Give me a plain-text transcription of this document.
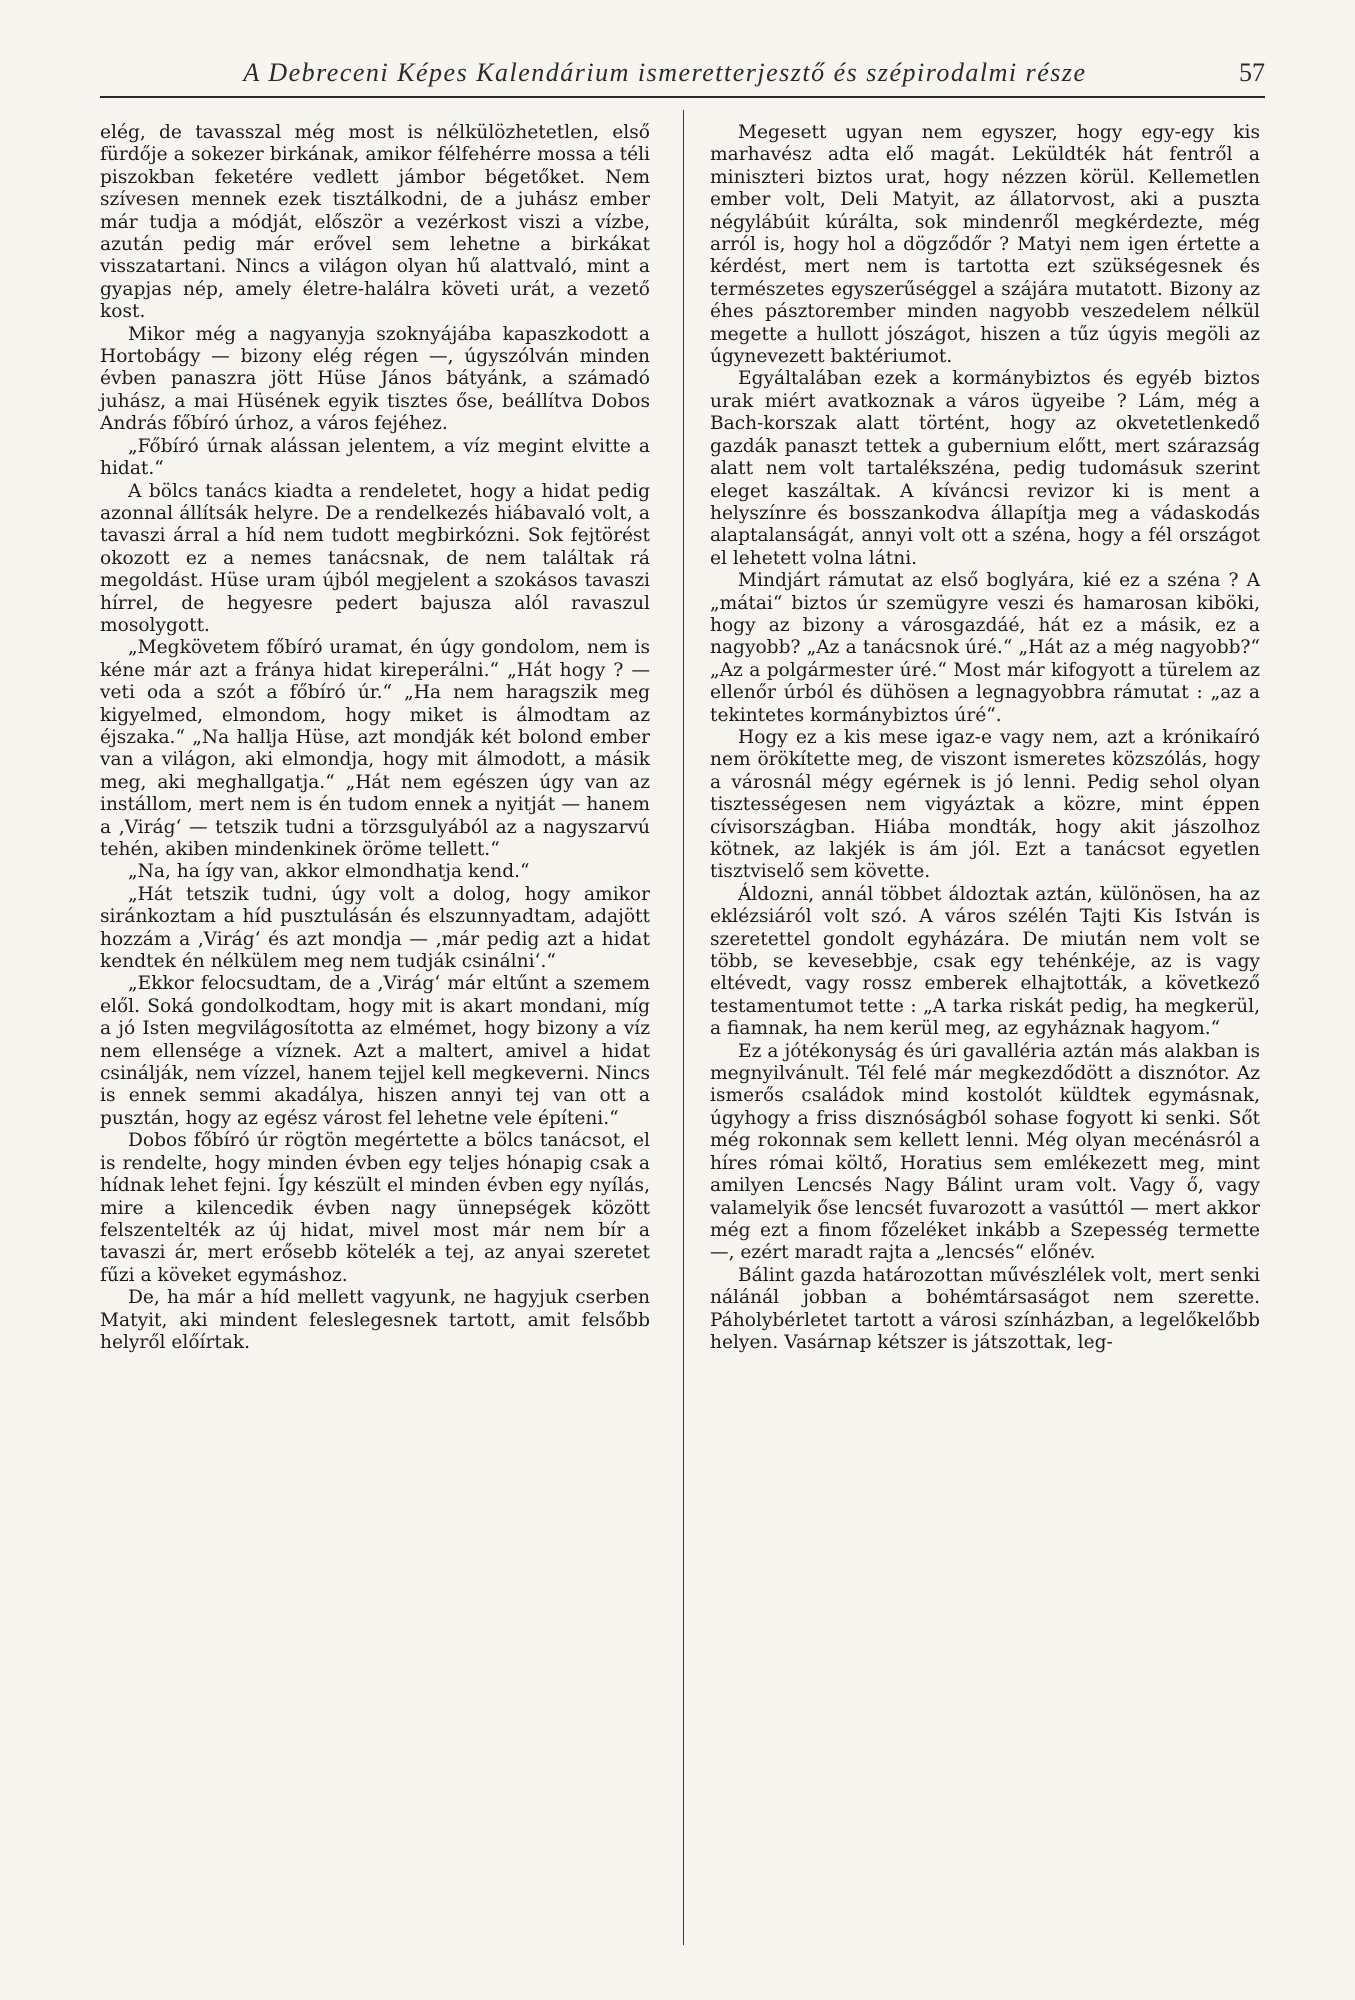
A Debreceni Képes Kalendárium ismeretterjesztő és szépirodalmi része	57

elég, de tavasszal még most is nélkülözhetetlen, első fürdője a sokezer birkának, amikor félfehérre mossa a téli piszokban feketére vedlett jámbor bégetőket. Nem szívesen mennek ezek tisztálkodni, de a juhász ember már tudja a módját, először a vezérkost viszi a vízbe, azután pedig már erővel sem lehetne a birkákat visszatartani. Nincs a világon olyan hű alattvaló, mint a gyapjas nép, amely életre-halálra követi urát, a vezető kost.

Mikor még a nagyanyja szoknyájába kapaszkodott a Hortobágy — bizony elég régen —, úgyszólván minden évben panaszra jött Hüse János bátyánk, a számadó juhász, a mai Hüsének egyik tisztes őse, beállítva Dobos András főbíró úrhoz, a város fejéhez.

„Főbíró úrnak alássan jelentem, a víz megint elvitte a hidat.“

A bölcs tanács kiadta a rendeletet, hogy a hidat pedig azonnal állítsák helyre. De a rendelkezés hiábavaló volt, a tavaszi árral a híd nem tudott megbirkózni. Sok fejtörést okozott ez a nemes tanácsnak, de nem találtak rá megoldást. Hüse uram újból megjelent a szokásos tavaszi hírrel, de hegyesre pedert bajusza alól ravaszul mosolygott.

„Megkövetem főbíró uramat, én úgy gondolom, nem is kéne már azt a fránya hidat kireperálni.“ „Hát hogy ? — veti oda a szót a főbíró úr.“ „Ha nem haragszik meg kigyelmed, elmondom, hogy miket is álmodtam az éjszaka.“ „Na hallja Hüse, azt mondják két bolond ember van a világon, aki elmondja, hogy mit álmodott, a másik meg, aki meghallgatja.“ „Hát nem egészen úgy van az instállom, mert nem is én tudom ennek a nyitját — hanem a ‚Virág‘ — tetszik tudni a törzsgulyából az a nagyszarvú tehén, akiben mindenkinek öröme tellett.“

„Na, ha így van, akkor elmondhatja kend.“

„Hát tetszik tudni, úgy volt a dolog, hogy amikor siránkoztam a híd pusztulásán és elszunnyadtam, adajött hozzám a ‚Virág‘ és azt mondja — ‚már pedig azt a hidat kendtek én nélkülem meg nem tudják csinálni‘.“

„Ekkor felocsudtam, de a ‚Virág‘ már eltűnt a szemem elől. Soká gondolkodtam, hogy mit is akart mondani, míg a jó Isten megvilágosította az elmémet, hogy bizony a víz nem ellensége a víznek. Azt a maltert, amivel a hidat csinálják, nem vízzel, hanem tejjel kell megkeverni. Nincs is ennek semmi akadálya, hiszen annyi tej van ott a pusztán, hogy az egész várost fel lehetne vele építeni.“

Dobos főbíró úr rögtön megértette a bölcs tanácsot, el is rendelte, hogy minden évben egy teljes hónapig csak a hídnak lehet fejni. Így készült el minden évben egy nyílás, mire a kilencedik évben nagy ünnepségek között felszentelték az új hidat, mivel most már nem bír a tavaszi ár, mert erősebb kötelék a tej, az anyai szeretet fűzi a köveket egymáshoz.

De, ha már a híd mellett vagyunk, ne hagyjuk cserben Matyit, aki mindent feleslegesnek tartott, amit felsőbb helyről előírtak.

Megesett ugyan nem egyszer, hogy egy-egy kis marhavész adta elő magát. Leküldték hát fentről a miniszteri biztos urat, hogy nézzen körül. Kellemetlen ember volt, Deli Matyit, az állatorvost, aki a puszta négylábúit kúrálta, sok mindenről megkérdezte, még arról is, hogy hol a dögződőr ? Matyi nem igen értette a kérdést, mert nem is tartotta ezt szükségesnek és természetes egyszerűséggel a szájára mutatott. Bizony az éhes pásztorember minden nagyobb veszedelem nélkül megette a hullott jószágot, hiszen a tűz úgyis megöli az úgynevezett baktériumot.

Egyáltalában ezek a kormánybiztos és egyéb biztos urak miért avatkoznak a város ügyeibe ? Lám, még a Bach-korszak alatt történt, hogy az okvetetlenkedő gazdák panaszt tettek a gubernium előtt, mert szárazság alatt nem volt tartalékszéna, pedig tudomásuk szerint eleget kaszáltak. A kíváncsi revizor ki is ment a helyszínre és bosszankodva állapítja meg a vádaskodás alaptalanságát, annyi volt ott a széna, hogy a fél országot el lehetett volna látni.

Mindjárt rámutat az első boglyára, kié ez a széna ? A „mátai“ biztos úr szemügyre veszi és hamarosan kiböki, hogy az bizony a városgazdáé, hát ez a másik, ez a nagyobb? „Az a tanácsnok úré.“ „Hát az a még nagyobb?“ „Az a polgármester úré.“ Most már kifogyott a türelem az ellenőr úrból és dühösen a legnagyobbra rámutat : „az a tekintetes kormánybiztos úré“.

Hogy ez a kis mese igaz-e vagy nem, azt a krónikaíró nem örökítette meg, de viszont ismeretes közszólás, hogy a városnál mégy egérnek is jó lenni. Pedig sehol olyan tisztességesen nem vigyáztak a közre, mint éppen cívisországban. Hiába mondták, hogy akit jászolhoz kötnek, az lakjék is ám jól. Ezt a tanácsot egyetlen tisztviselő sem követte.

Áldozni, annál többet áldoztak aztán, különösen, ha az eklézsiáról volt szó. A város szélén Tajti Kis István is szeretettel gondolt egyházára. De miután nem volt se több, se kevesebbje, csak egy tehénkéje, az is vagy eltévedt, vagy rossz emberek elhajtották, a következő testamentumot tette : „A tarka riskát pedig, ha megkerül, a fiamnak, ha nem kerül meg, az egyháznak hagyom.“

Ez a jótékonyság és úri gavalléria aztán más alakban is megnyilvánult. Tél felé már megkezdődött a disznótor. Az ismerős családok mind kostolót küldtek egymásnak, úgyhogy a friss disznóságból sohase fogyott ki senki. Sőt még rokonnak sem kellett lenni. Még olyan mecénásról a híres római költő, Horatius sem emlékezett meg, mint amilyen Lencsés Nagy Bálint uram volt. Vagy ő, vagy valamelyik őse lencsét fuvarozott a vasúttól — mert akkor még ezt a finom főzeléket inkább a Szepesség termette —, ezért maradt rajta a „lencsés“ előnév.

Bálint gazda határozottan művészlélek volt, mert senki nálánál jobban a bohémtársaságot nem szerette. Páholybérletet tartott a városi színházban, a legelőkelőbb helyen. Vasárnap kétszer is játszottak, leg-
